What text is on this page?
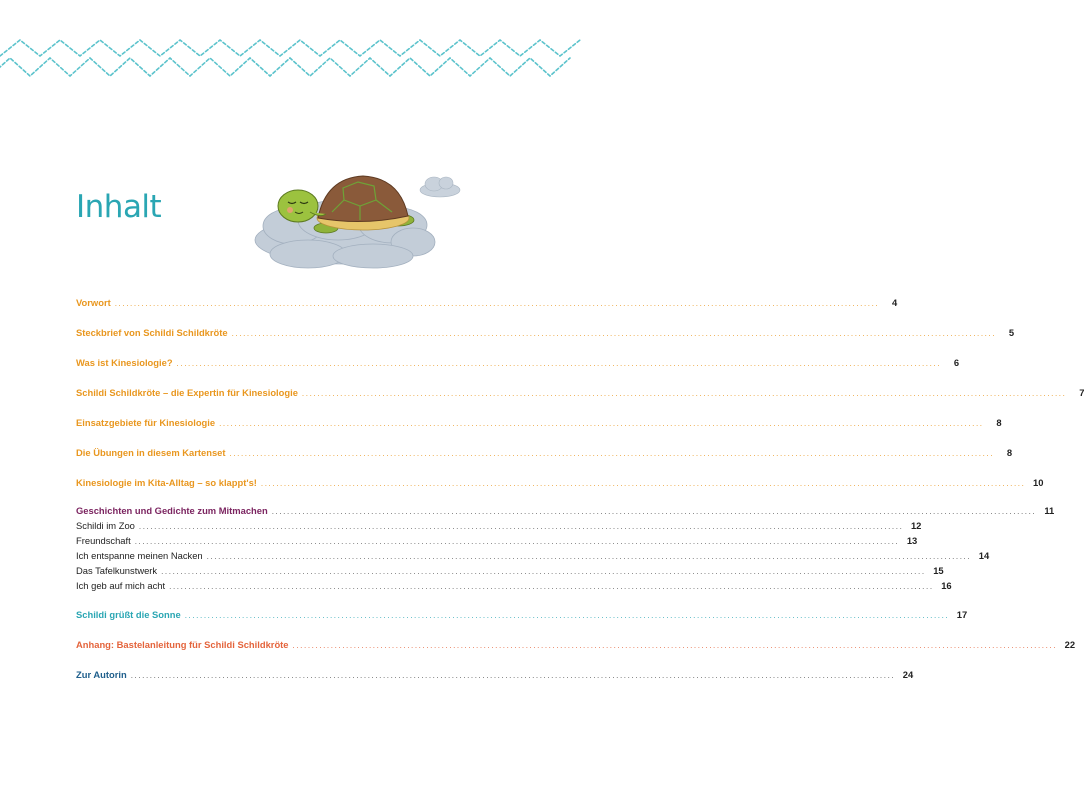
Inhalt
Vorwort ........................................................................................................................................................................................................	4
Steckbrief von Schildi Schildkröte ........................................................................................................................................................................................................	5
Was ist Kinesiologie? ........................................................................................................................................................................................................	6
Schildi Schildkröte – die Expertin für Kinesiologie ........................................................................................................................................................................................................	7
Einsatzgebiete für Kinesiologie ........................................................................................................................................................................................................	8
Die Übungen in diesem Kartenset ........................................................................................................................................................................................................	8
Kinesiologie im Kita-Alltag – so klappt's! ........................................................................................................................................................................................................ 10
Geschichten und Gedichte zum Mitmachen ........................................................................................................................................................................................................ 11
Schildi im Zoo ........................................................................................................................................................................................................ 12
Freundschaft ........................................................................................................................................................................................................ 13
Ich entspanne meinen Nacken ........................................................................................................................................................................................................ 14
Das Tafelkunstwerk ........................................................................................................................................................................................................ 15
Ich geb auf mich acht ........................................................................................................................................................................................................ 16
Schildi grüßt die Sonne ........................................................................................................................................................................................................ 17
Anhang: Bastelanleitung für Schildi Schildkröte ........................................................................................................................................................................................................ 22
Zur Autorin ........................................................................................................................................................................................................ 24
